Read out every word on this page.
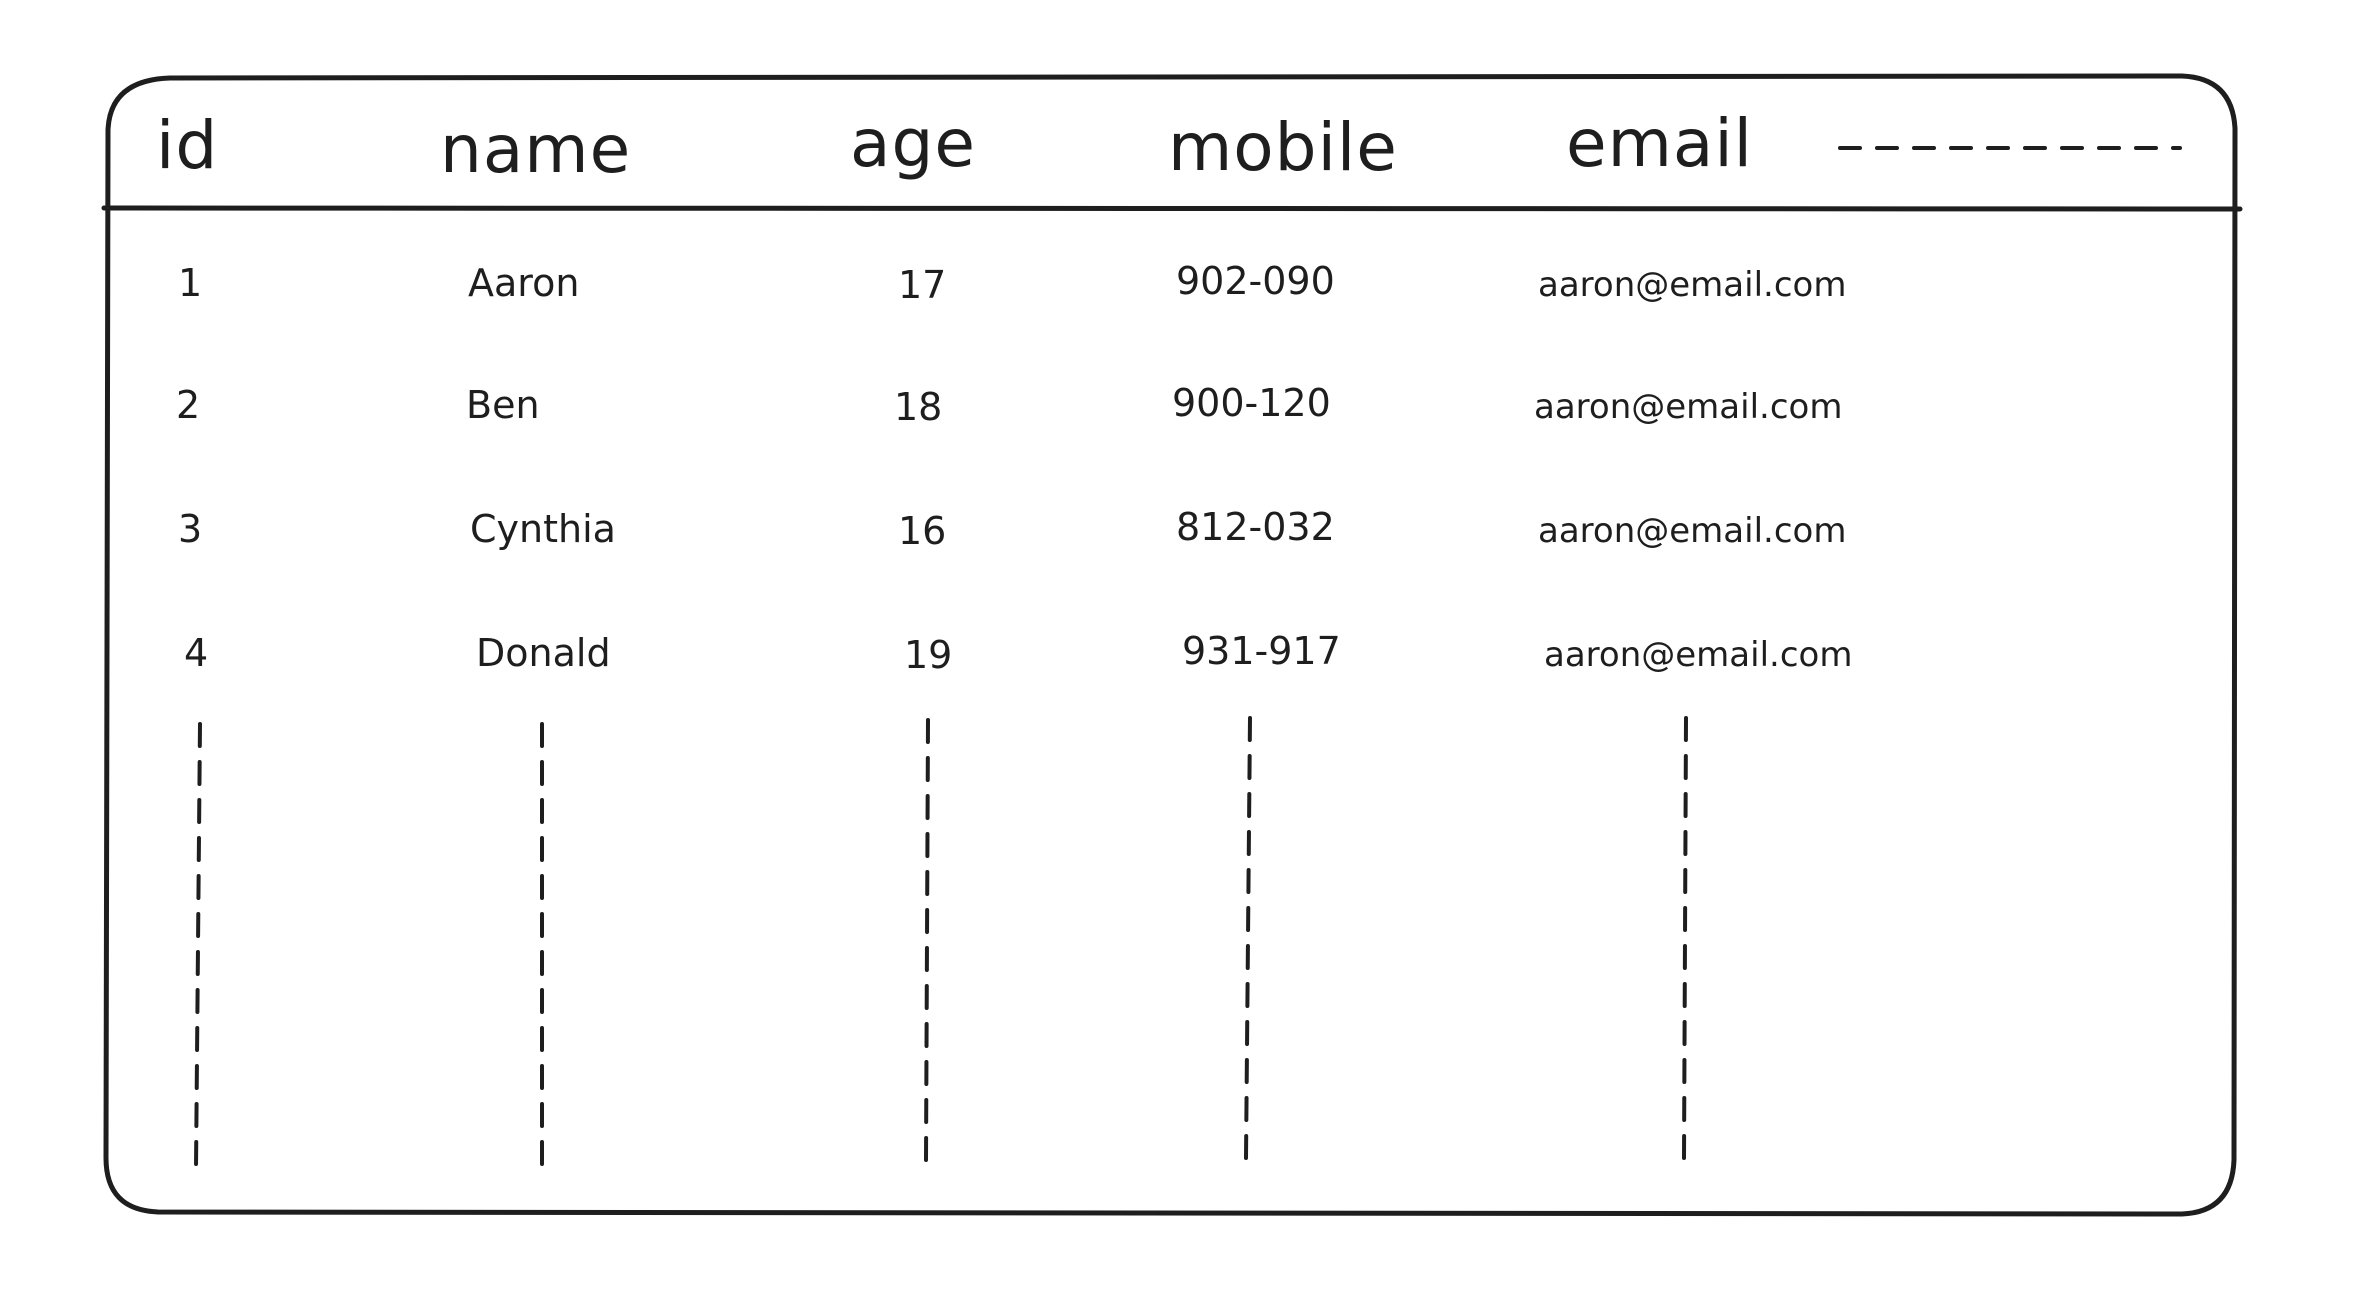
id	name	age	mobile	email
1	Aaron	17	902-090	aaron@email.com
2	Ben	18	900-120	aaron@email.com
3	Cynthia	16	812-032	aaron@email.com
4	Donald	19	931-917	aaron@email.com
